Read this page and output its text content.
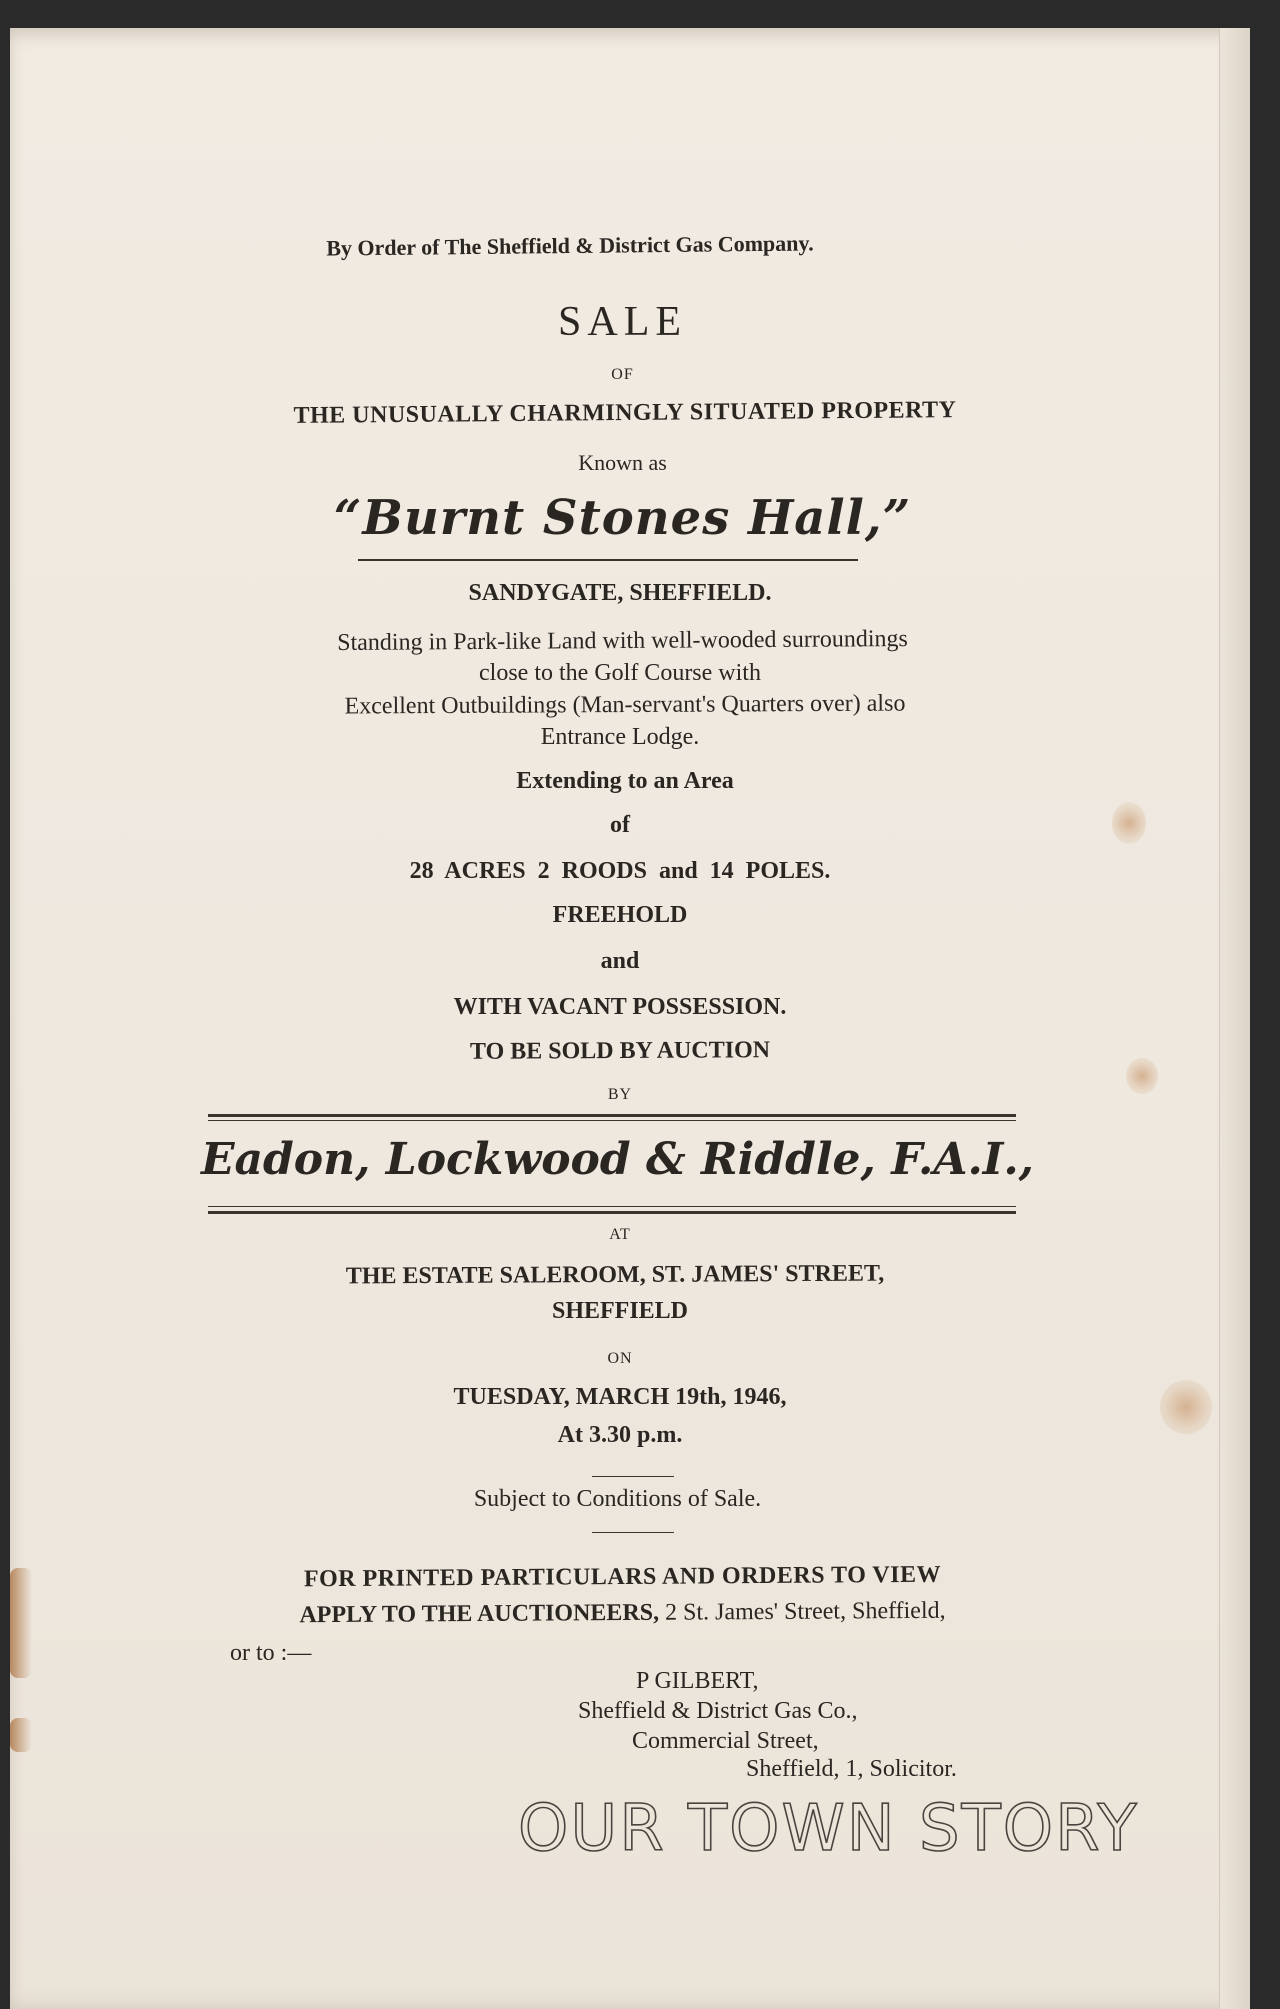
By Order of The Sheffield & District Gas Company.
SALE
OF
THE UNUSUALLY CHARMINGLY SITUATED PROPERTY
Known as
“Burnt Stones Hall,”
SANDYGATE, SHEFFIELD.
Standing in Park-like Land with well-wooded surroundings
close to the Golf Course with
Excellent Outbuildings (Man-servant's Quarters over) also
Entrance Lodge.
Extending to an Area
of
28 ACRES 2 ROODS and 14 POLES.
FREEHOLD
and
WITH VACANT POSSESSION.
TO BE SOLD BY AUCTION
BY
Eadon, Lockwood & Riddle, F.A.I.,
AT
THE ESTATE SALEROOM, ST. JAMES' STREET,
SHEFFIELD
ON
TUESDAY, MARCH 19th, 1946,
At 3.30 p.m.
Subject to Conditions of Sale.
FOR PRINTED PARTICULARS AND ORDERS TO VIEW
APPLY TO THE AUCTIONEERS, 2 St. James' Street, Sheffield,
or to :—
P GILBERT,
Sheffield & District Gas Co.,
Commercial Street,
Sheffield, 1, Solicitor.
OUR TOWN STORY
